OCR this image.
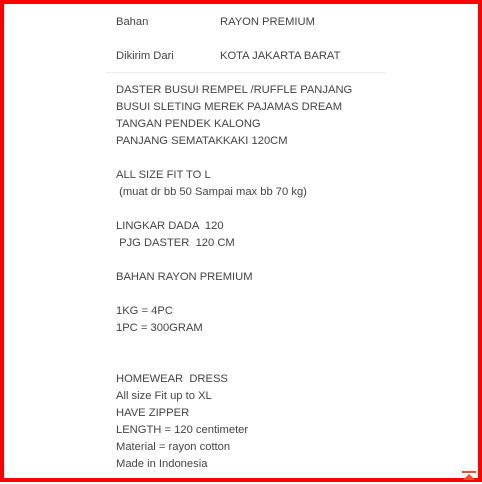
Bahan	RAYON PREMIUM
Dikirim Dari	KOTA JAKARTA BARAT
DASTER BUSUI REMPEL /RUFFLE PANJANG
BUSUI SLETING MEREK PAJAMAS DREAM
TANGAN PENDEK KALONG
PANJANG SEMATAKKAKI 120CM
ALL SIZE FIT TO L
(muat dr bb 50 Sampai max bb 70 kg)
LINGKAR DADA  120
PJG DASTER  120 CM
BAHAN RAYON PREMIUM
1KG = 4PC
1PC = 300GRAM
HOMEWEAR  DRESS
All size Fit up to XL
HAVE ZIPPER
LENGTH = 120 centimeter
Material = rayon cotton
Made in Indonesia
